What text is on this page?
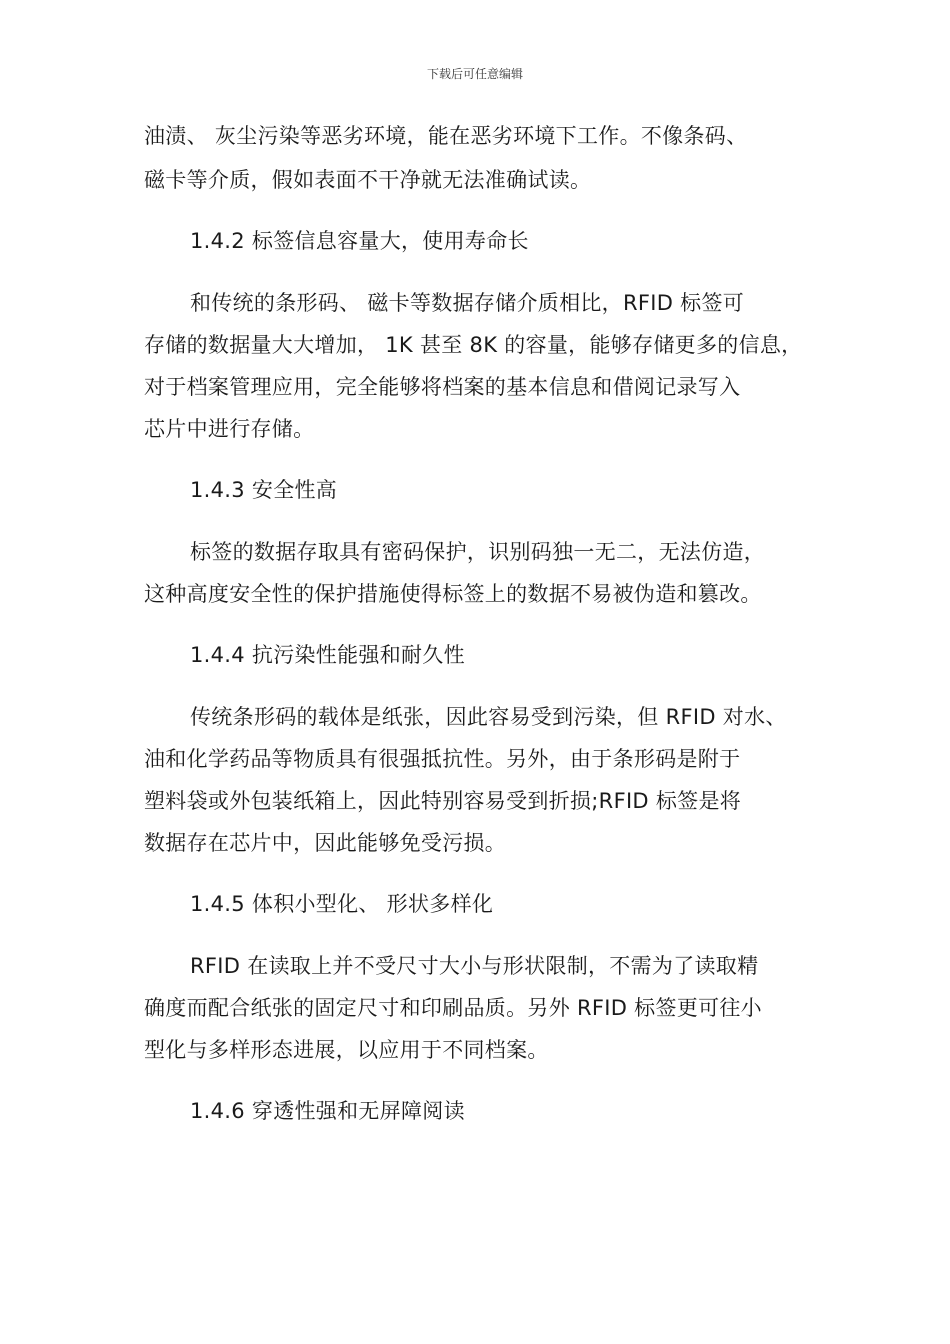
下载后可任意编辑
油渍、 灰尘污染等恶劣环境，能在恶劣环境下工作。不像条码、
磁卡等介质，假如表面不干净就无法准确试读。
1.4.2 标签信息容量大，使用寿命长
和传统的条形码、 磁卡等数据存储介质相比，RFID 标签可
存储的数据量大大增加， 1K 甚至 8K 的容量，能够存储更多的信息，
对于档案管理应用，完全能够将档案的基本信息和借阅记录写入
芯片中进行存储。
1.4.3 安全性高
标签的数据存取具有密码保护，识别码独一无二，无法仿造，
这种高度安全性的保护措施使得标签上的数据不易被伪造和篡改。
1.4.4 抗污染性能强和耐久性
传统条形码的载体是纸张，因此容易受到污染，但 RFID 对水、
油和化学药品等物质具有很强抵抗性。另外，由于条形码是附于
塑料袋或外包装纸箱上，因此特别容易受到折损;RFID 标签是将
数据存在芯片中，因此能够免受污损。
1.4.5 体积小型化、 形状多样化
RFID 在读取上并不受尺寸大小与形状限制，不需为了读取精
确度而配合纸张的固定尺寸和印刷品质。另外 RFID 标签更可往小
型化与多样形态进展，以应用于不同档案。
1.4.6 穿透性强和无屏障阅读
